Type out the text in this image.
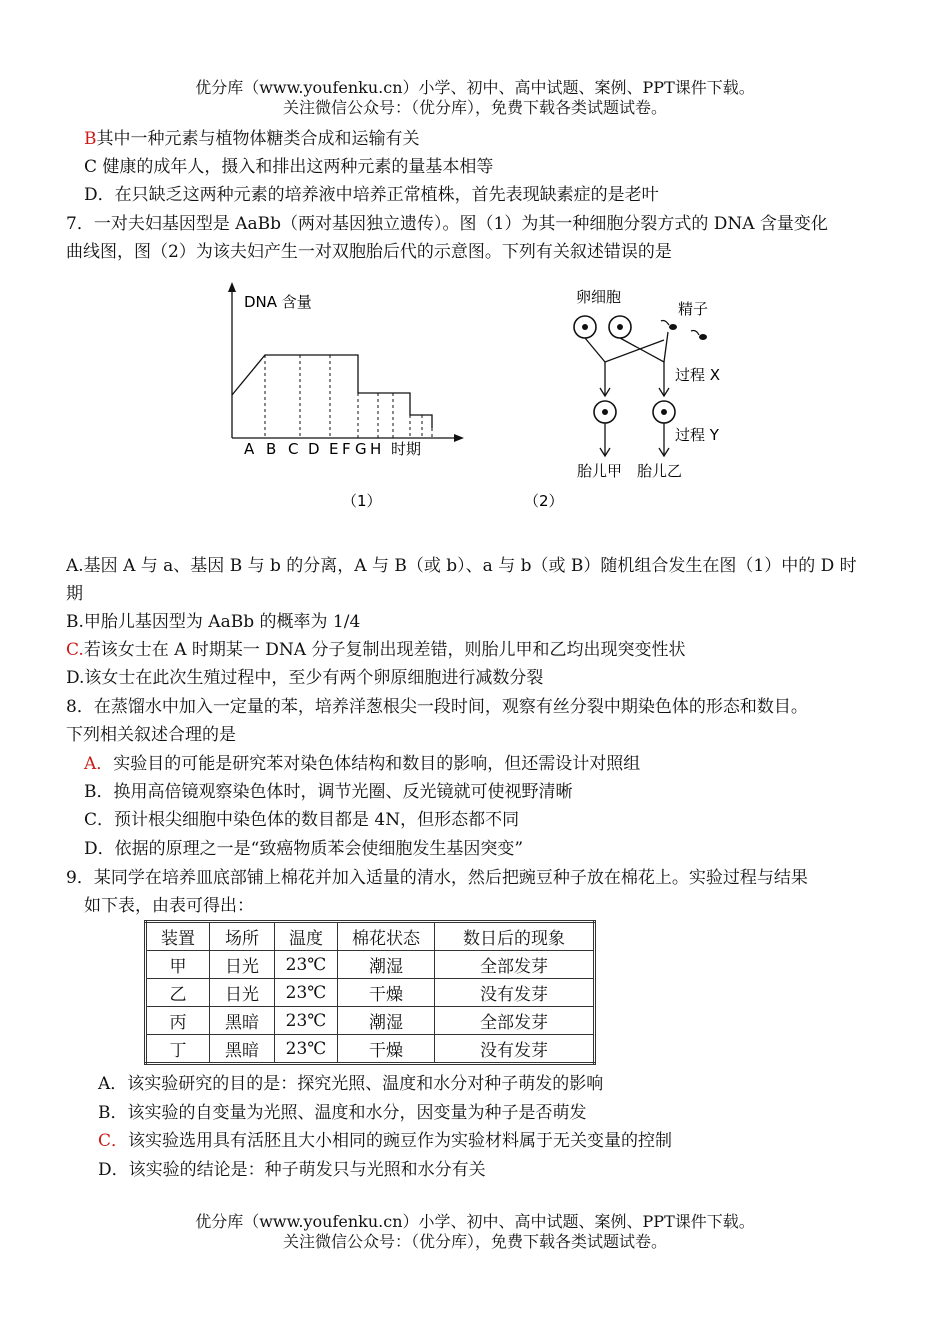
优分库（www.youfenku.cn）小学、初中、高中试题、案例、PPT课件下载。
关注微信公众号：（优分库），免费下载各类试题试卷。
B其中一种元素与植物体糖类合成和运输有关
C 健康的成年人，摄入和排出这两种元素的量基本相等
D．在只缺乏这两种元素的培养液中培养正常植株，首先表现缺素症的是老叶
7．一对夫妇基因型是 AaBb（两对基因独立遗传）。图（1）为其一种细胞分裂方式的 DNA 含量变化
曲线图，图（2）为该夫妇产生一对双胞胎后代的示意图。下列有关叙述错误的是
DNA 含量
A B C D E F G H 时期
（1）
卵细胞
精子
过程 X
过程 Y
胎儿甲 胎儿乙
（2）
A.基因 A 与 a、基因 B 与 b 的分离，A 与 B（或 b）、a 与 b（或 B）随机组合发生在图（1）中的 D 时
期
B.甲胎儿基因型为 AaBb 的概率为 1/4
C.若该女士在 A 时期某一 DNA 分子复制出现差错，则胎儿甲和乙均出现突变性状
D.该女士在此次生殖过程中，至少有两个卵原细胞进行减数分裂
8．在蒸馏水中加入一定量的苯，培养洋葱根尖一段时间，观察有丝分裂中期染色体的形态和数目。
下列相关叙述合理的是
A．实验目的可能是研究苯对染色体结构和数目的影响，但还需设计对照组
B．换用高倍镜观察染色体时，调节光圈、反光镜就可使视野清晰
C．预计根尖细胞中染色体的数目都是 4N，但形态都不同
D．依据的原理之一是“致癌物质苯会使细胞发生基因突变”
9．某同学在培养皿底部铺上棉花并加入适量的清水，然后把豌豆种子放在棉花上。实验过程与结果
如下表，由表可得出：
装置	场所	温度	棉花状态	数日后的现象
甲	日光	23℃	潮湿	全部发芽
乙	日光	23℃	干燥	没有发芽
丙	黑暗	23℃	潮湿	全部发芽
丁	黑暗	23℃	干燥	没有发芽
A．该实验研究的目的是：探究光照、温度和水分对种子萌发的影响
B．该实验的自变量为光照、温度和水分，因变量为种子是否萌发
C．该实验选用具有活胚且大小相同的豌豆作为实验材料属于无关变量的控制
D．该实验的结论是：种子萌发只与光照和水分有关
优分库（www.youfenku.cn）小学、初中、高中试题、案例、PPT课件下载。
关注微信公众号：（优分库），免费下载各类试题试卷。
